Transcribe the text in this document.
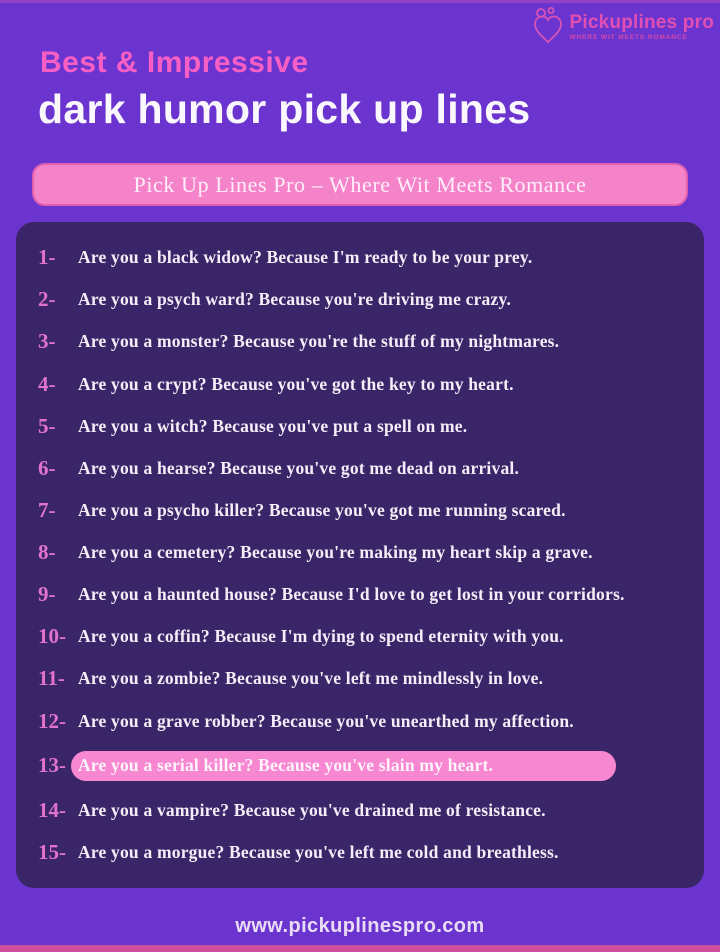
Pickuplines pro
WHERE WIT MEETS ROMANCE
Best & Impressive
dark humor pick up lines
Pick Up Lines Pro – Where Wit Meets Romance
1-	Are you a black widow? Because I'm ready to be your prey.
2-	Are you a psych ward? Because you're driving me crazy.
3-	Are you a monster? Because you're the stuff of my nightmares.
4-	Are you a crypt? Because you've got the key to my heart.
5-	Are you a witch? Because you've put a spell on me.
6-	Are you a hearse? Because you've got me dead on arrival.
7-	Are you a psycho killer? Because you've got me running scared.
8-	Are you a cemetery? Because you're making my heart skip a grave.
9-	Are you a haunted house? Because I'd love to get lost in your corridors.
10- Are you a coffin? Because I'm dying to spend eternity with you.
11- Are you a zombie? Because you've left me mindlessly in love.
12- Are you a grave robber? Because you've unearthed my affection.
13- Are you a serial killer? Because you've slain my heart.
14- Are you a vampire? Because you've drained me of resistance.
15- Are you a morgue? Because you've left me cold and breathless.
www.pickuplinespro.com
